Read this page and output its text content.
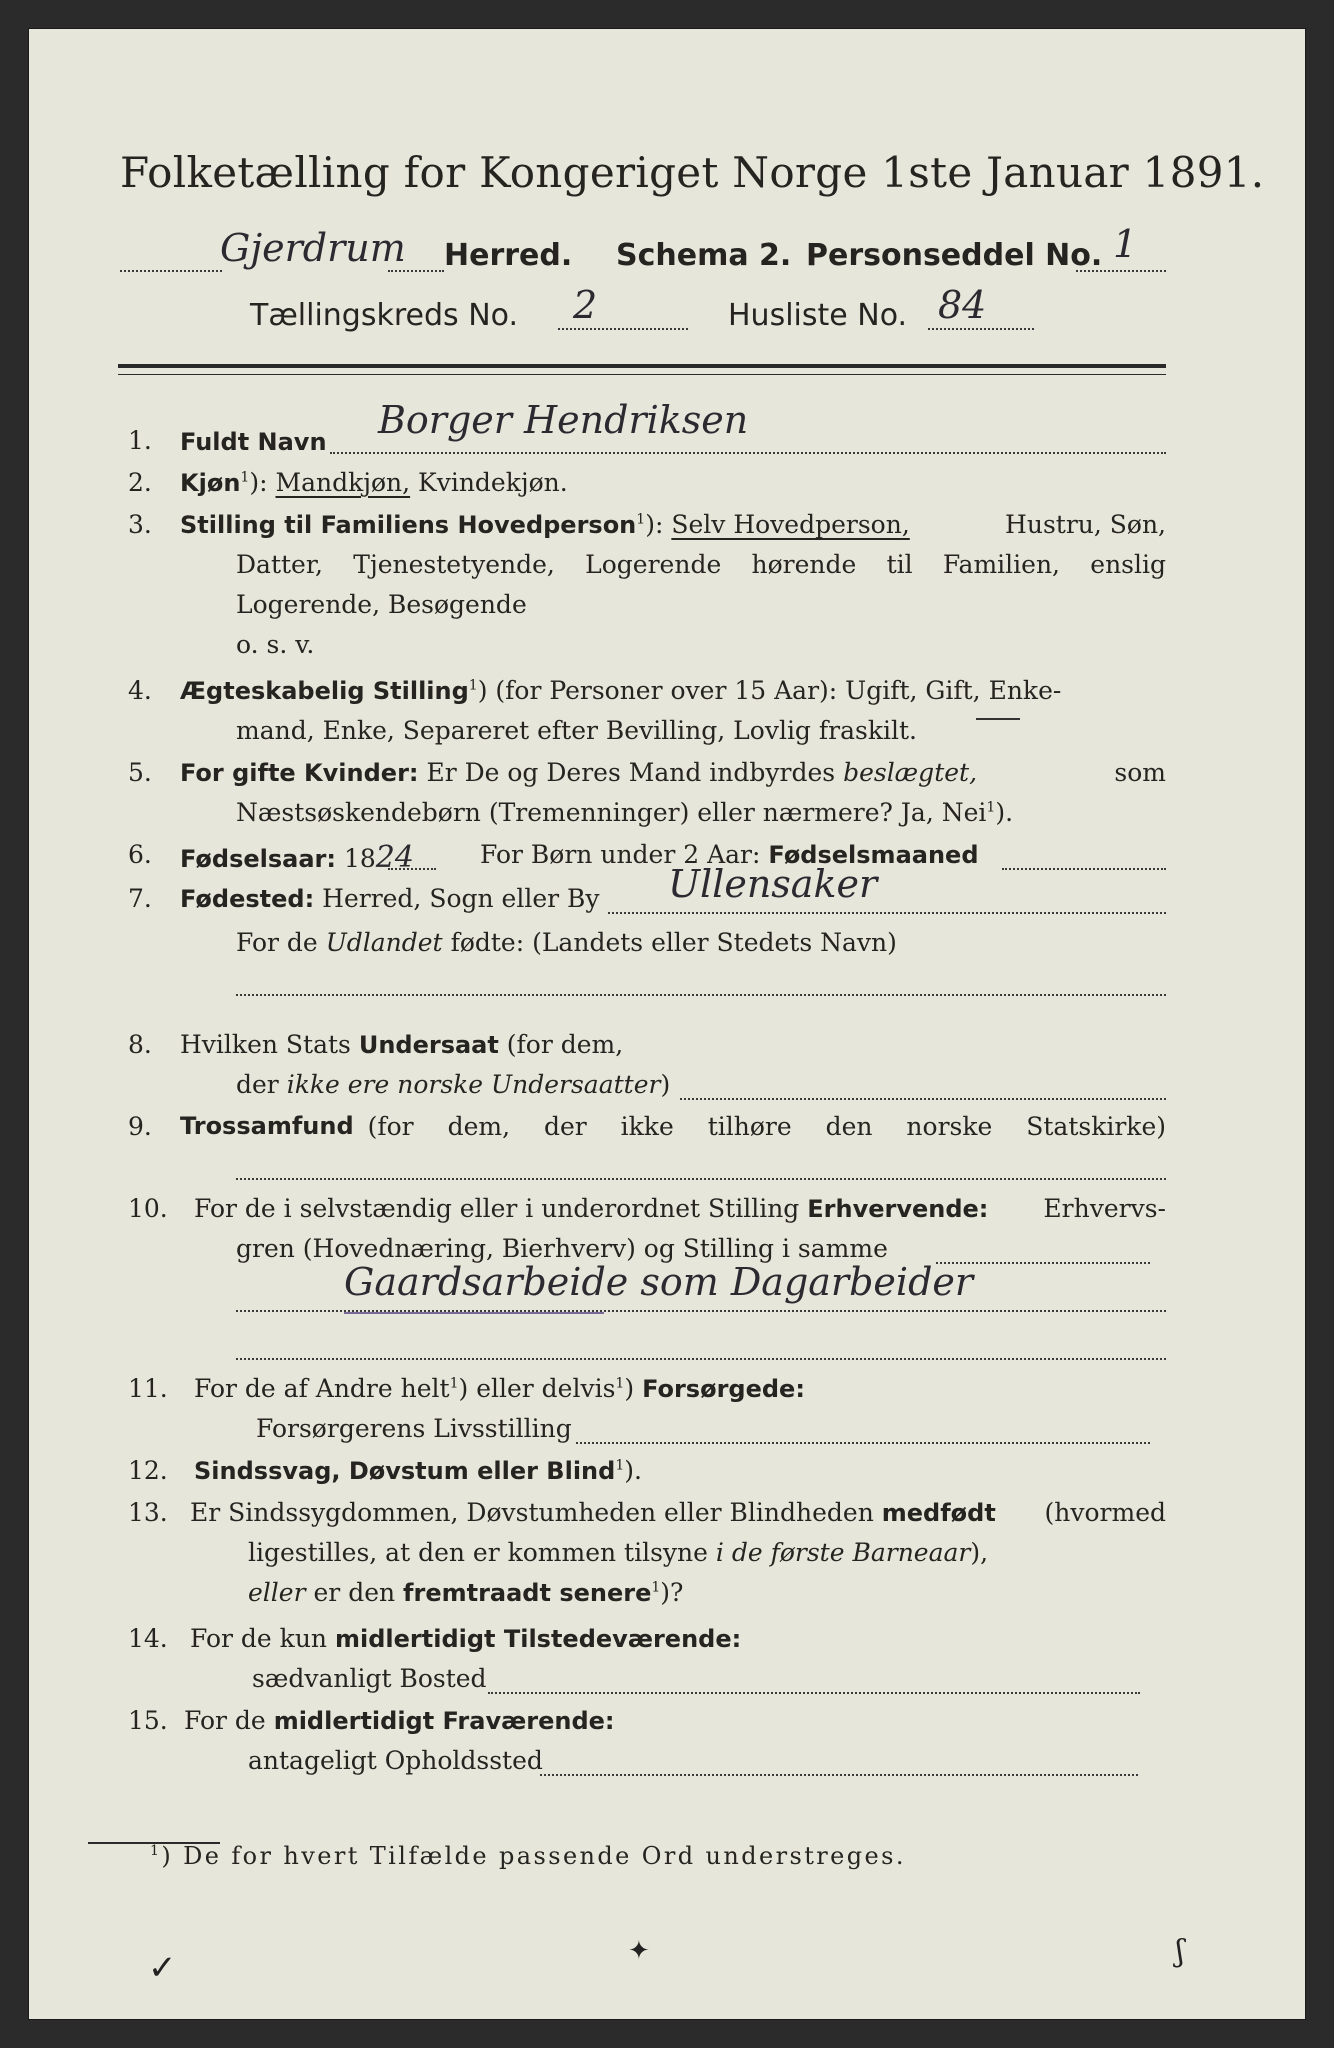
Folketælling for Kongeriget Norge 1ste Januar 1891.
Gjerdrum Herred. Schema 2. Personseddel No. 1
Tællingskreds No. 2	Husliste No. 84
1. Fuldt Navn Borger Hendriksen
2. Kjøn$^1$): Mandkjøn, Kvindekjøn.
3. Stilling til Familiens Hovedperson$^1$): Selv Hovedperson,	Hustru, Søn,
Datter, Tjenestetyende, Logerende hørende til Familien, enslig
Logerende, Besøgende
o. s. v.
4. Ægteskabelig Stilling$^1$) (for Personer over 15 Aar): Ugift, Gift, Enke-
mand, Enke, Separeret efter Bevilling, Lovlig fraskilt.
5. For gifte Kvinder: Er De og Deres Mand indbyrdes beslægtet,	som
Næstsøskendebørn (Tremenninger) eller nærmere? Ja, Nei$^1$).
6. Fødselsaar: 1824	For Børn under 2 Aar: Fødselsmaaned
7. Fødested: Herred, Sogn eller By Ullensaker
For de Udlandet fødte: (Landets eller Stedets Navn)
8. Hvilken Stats Undersaat (for dem,
der ikke ere norske Undersaatter)
9. Trossamfund (for dem, der ikke tilhøre den norske Statskirke)
10. For de i selvstændig eller i underordnet Stilling Erhvervende: Erhvervs-
gren (Hovednæring, Bierhverv) og Stilling i samme
Gaardsarbeide som Dagarbeider
11. For de af Andre helt$^1$) eller delvis$^1$) Forsørgede:
Forsørgerens Livsstilling
12. Sindssvag, Døvstum eller Blind$^1$).
13. Er Sindssygdommen, Døvstumheden eller Blindheden medfødt (hvormed
ligestilles, at den er kommen tilsyne i de første Barneaar),
eller er den fremtraadt senere$^1$)?
14. For de kun midlertidigt Tilstedeværende:
sædvanligt Bosted
15. For de midlertidigt Fraværende:
antageligt Opholdssted
$^1$) De for hvert Tilfælde passende Ord understreges.
✓	✦	ʃ
